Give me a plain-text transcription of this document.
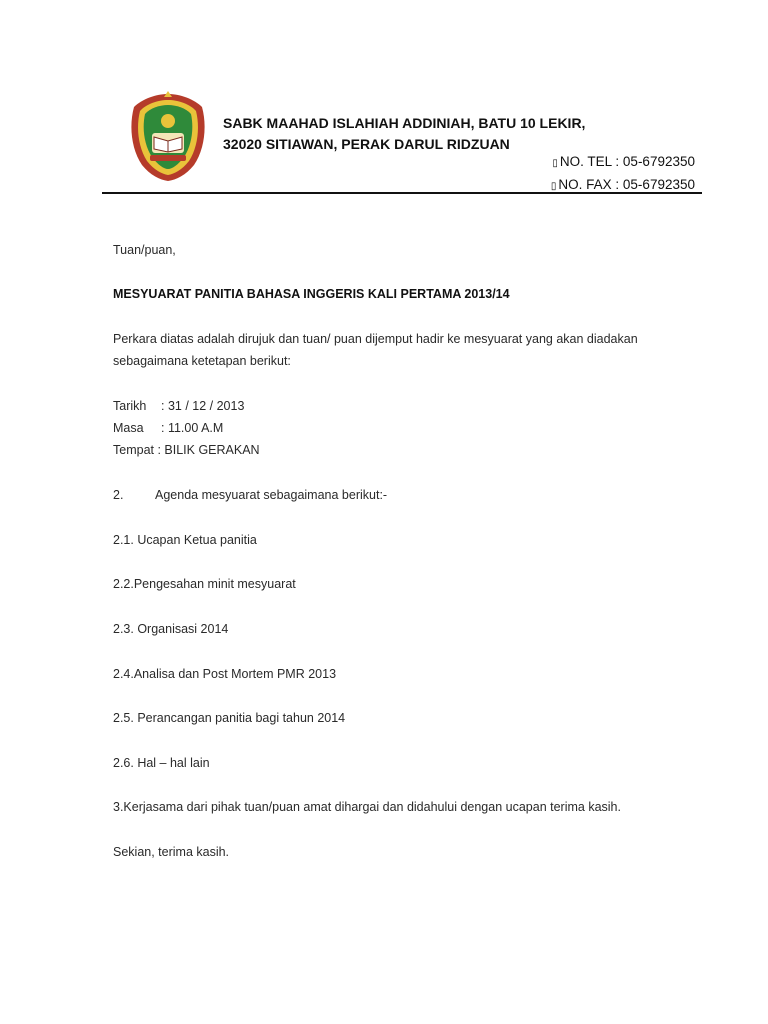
SABK MAAHAD ISLAHIAH ADDINIAH, BATU 10 LEKIR,
32020 SITIAWAN, PERAK DARUL RIDZUAN
▯ NO. TEL : 05-6792350
▯ NO. FAX : 05-6792350
Tuan/puan,
MESYUARAT PANITIA BAHASA INGGERIS KALI PERTAMA 2013/14
Perkara diatas adalah dirujuk dan tuan/ puan dijemput hadir ke mesyuarat yang akan diadakan
sebagaimana ketetapan berikut:
Tarikh : 31 / 12 / 2013
Masa : 11.00 A.M
Tempat : BILIK GERAKAN
2.	Agenda mesyuarat sebagaimana berikut:-
2.1. Ucapan Ketua panitia
2.2.Pengesahan minit mesyuarat
2.3. Organisasi 2014
2.4.Analisa dan Post Mortem PMR 2013
2.5. Perancangan panitia bagi tahun 2014
2.6. Hal – hal lain
3.Kerjasama dari pihak tuan/puan amat dihargai dan didahului dengan ucapan terima kasih.
Sekian, terima kasih.
